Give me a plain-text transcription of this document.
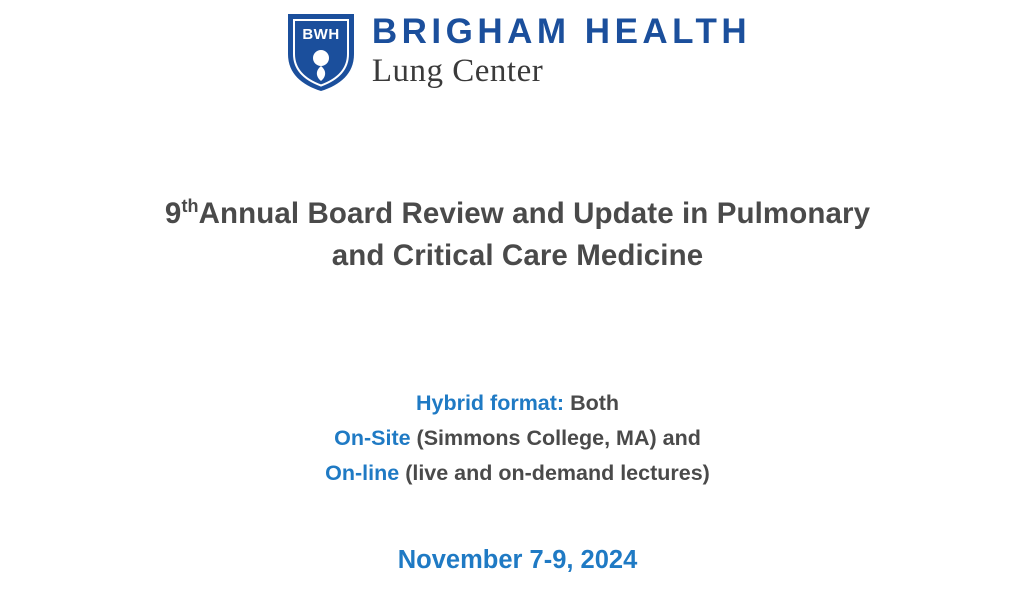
BWH BRIGHAM HEALTH
Lung Center
9thAnnual Board Review and Update in Pulmonary
and Critical Care Medicine
Hybrid format: Both
On-Site (Simmons College, MA) and
On-line (live and on-demand lectures)
November 7-9, 2024
